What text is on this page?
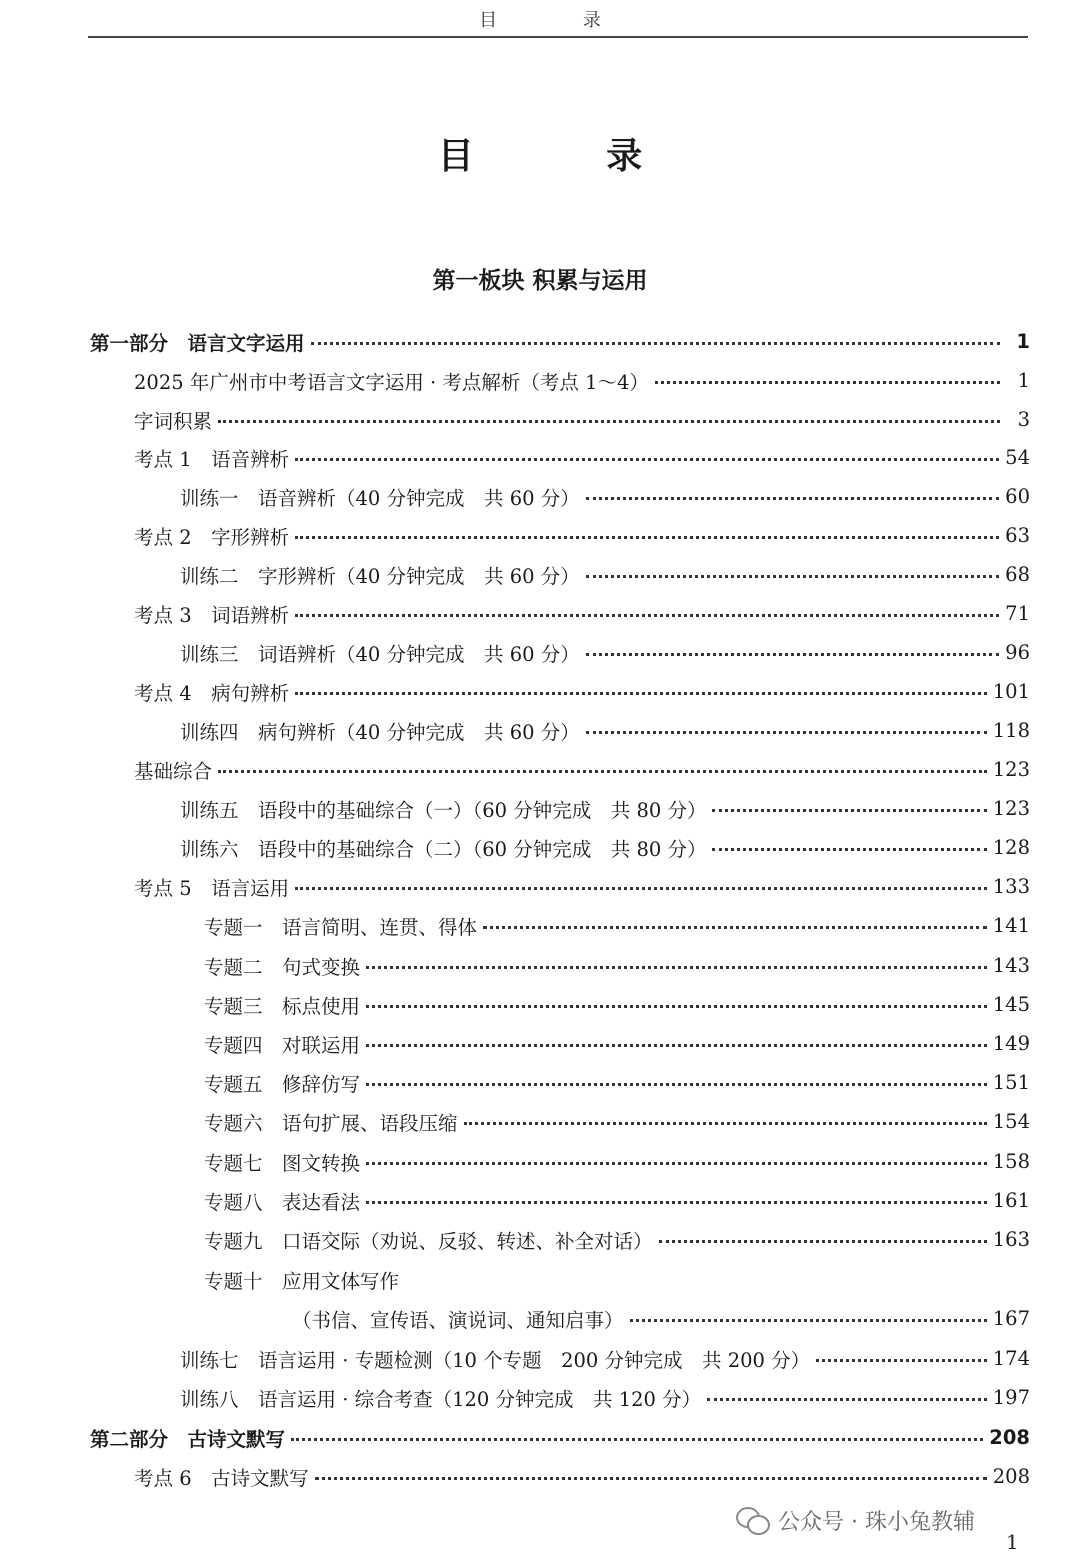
目 录
目 录
第一板块 积累与运用
第一部分　语言文字运用	1
2025 年广州市中考语言文字运用 · 考点解析（考点 1～4）	1
字词积累	3
考点 1　语音辨析	54
训练一　语音辨析（40 分钟完成　共 60 分）	60
考点 2　字形辨析	63
训练二　字形辨析（40 分钟完成　共 60 分）	68
考点 3　词语辨析	71
训练三　词语辨析（40 分钟完成　共 60 分）	96
考点 4　病句辨析	101
训练四　病句辨析（40 分钟完成　共 60 分）	118
基础综合	123
训练五　语段中的基础综合（一）（60 分钟完成　共 80 分）	123
训练六　语段中的基础综合（二）（60 分钟完成　共 80 分）	128
考点 5　语言运用	133
专题一　语言简明、连贯、得体	141
专题二　句式变换	143
专题三　标点使用	145
专题四　对联运用	149
专题五　修辞仿写	151
专题六　语句扩展、语段压缩	154
专题七　图文转换	158
专题八　表达看法	161
专题九　口语交际（劝说、反驳、转述、补全对话）	163
专题十　应用文体写作
（书信、宣传语、演说词、通知启事）	167
训练七　语言运用 · 专题检测（10 个专题　200 分钟完成　共 200 分）	174
训练八　语言运用 · 综合考查（120 分钟完成　共 120 分）	197
第二部分　古诗文默写	208
考点 6　古诗文默写	208
公众号 · 珠小兔教辅
1
